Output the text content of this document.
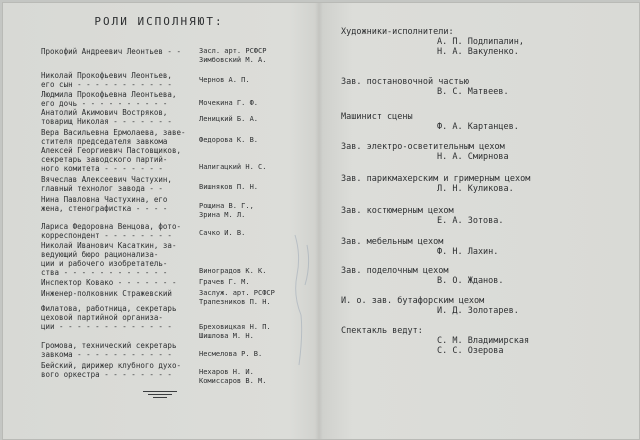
РОЛИ ИСПОЛНЯЮТ:
Прокофий Андреевич Леонтьев - -	Засл. арт. РСФСР
Зимбовский М. А.
Николай Прокофьевич Леонтьев,
его сын - - - - - - - - - - -	Чернов А. П.
Людмила Прокофьевна Леонтьева,
его дочь - - - - - - - - - -	Мочекина Г. Ф.
Анатолий Акимович Востряков,
товарищ Николая - - - - - - -	Леницкий Б. А.
Вера Васильевна Ермолаева, заве-
стителя председателя завкома	Федорова К. В.
Алексей Георгиевич Пастовщиков,
секретарь заводского партий-
ного комитета - - - - - - -	Налигацкий Н. С.
Вячеслав Алексеевич Частухин,
главный технолог завода - -	Вишняков П. Н.
Нина Павловна Частухина, его
жена, стенографистка - - - -	Рощина В. Г.,
Зрина М. Л.
Лариса Федоровна Венцова, фото-
корреспондент - - - - - - - -	Сачко И. В.
Николай Иванович Касаткин, за-
ведующий бюро рационализа-
ции и рабочего изобретатель-
ства - - - - - - - - - - - -	Виноградов К. К.
Инспектор Ковако - - - - - - -	Грачев Г. М.
Инженер-полковник Стражевский	Заслуж. арт. РСФСР
Трапезников П. Н.
Филатова, работница, секретарь
цеховой партийной организа-
ции - - - - - - - - - - - - -	Бреховицкая Н. П.
Шишлова М. Н.
Громова, технический секретарь
завкома - - - - - - - - - - -	Несмелова Р. В.
Бейский, дирижер клубного духо-
вого оркестра - - - - - - - -	Нехаров Н. И.
Комиссаров В. М.
Художники-исполнители:
А. П. Подлипалин,
Н. А. Вакуленко.
Зав. постановочной частью
В. С. Матвеев.
Машинист сцены
Ф. А. Картанцев.
Зав. электро-осветительным цехом
Н. А. Смирнова
Зав. парикмахерским и гримерным цехом
Л. Н. Куликова.
Зав. костюмерным цехом
Е. А. Зотова.
Зав. мебельным цехом
Ф. Н. Лахин.
Зав. поделочным цехом
В. О. Жданов.
И. о. зав. бутафорским цехом
И. Д. Золотарев.
Спектакль ведут:
С. М. Владимирская
С. С. Озерова
